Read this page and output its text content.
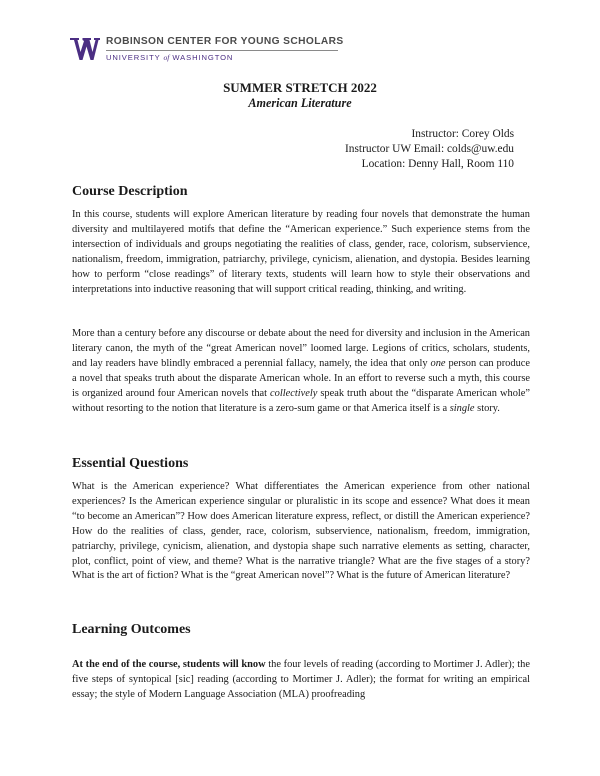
ROBINSON CENTER FOR YOUNG SCHOLARS
UNIVERSITY of WASHINGTON
SUMMER STRETCH 2022
American Literature
Instructor: Corey Olds
Instructor UW Email: colds@uw.edu
Location: Denny Hall, Room 110
Course Description

In this course, students will explore American literature by reading four novels that demonstrate the human diversity and multilayered motifs that define the “American experience.” Such experience stems from the intersection of individuals and groups negotiating the realities of class, gender, race, colorism, subservience, nationalism, freedom, immigration, patriarchy, privilege, cynicism, alienation, and dystopia. Besides learning how to perform “close readings” of literary texts, students will learn how to style their observations and interpretations into inductive reasoning that will support critical reading, thinking, and writing.

More than a century before any discourse or debate about the need for diversity and inclusion in the American literary canon, the myth of the “great American novel” loomed large. Legions of critics, scholars, students, and lay readers have blindly embraced a perennial fallacy, namely, the idea that only one person can produce a novel that speaks truth about the disparate American whole. In an effort to reverse such a myth, this course is organized around four American novels that collectively speak truth about the “disparate American whole” without resorting to the notion that literature is a zero-sum game or that America itself is a single story.

Essential Questions

What is the American experience? What differentiates the American experience from other national experiences? Is the American experience singular or pluralistic in its scope and essence? What does it mean “to become an American”? How does American literature express, reflect, or distill the American experience? How do the realities of class, gender, race, colorism, subservience, nationalism, freedom, immigration, patriarchy, privilege, cynicism, alienation, and dystopia shape such narrative elements as setting, character, plot, conflict, point of view, and theme? What is the narrative triangle? What are the five stages of a story? What is the art of fiction? What is the “great American novel”? What is the future of American literature?

Learning Outcomes

At the end of the course, students will know the four levels of reading (according to Mortimer J. Adler); the five steps of syntopical [sic] reading (according to Mortimer J. Adler); the format for writing an empirical essay; the style of Modern Language Association (MLA) proofreading
